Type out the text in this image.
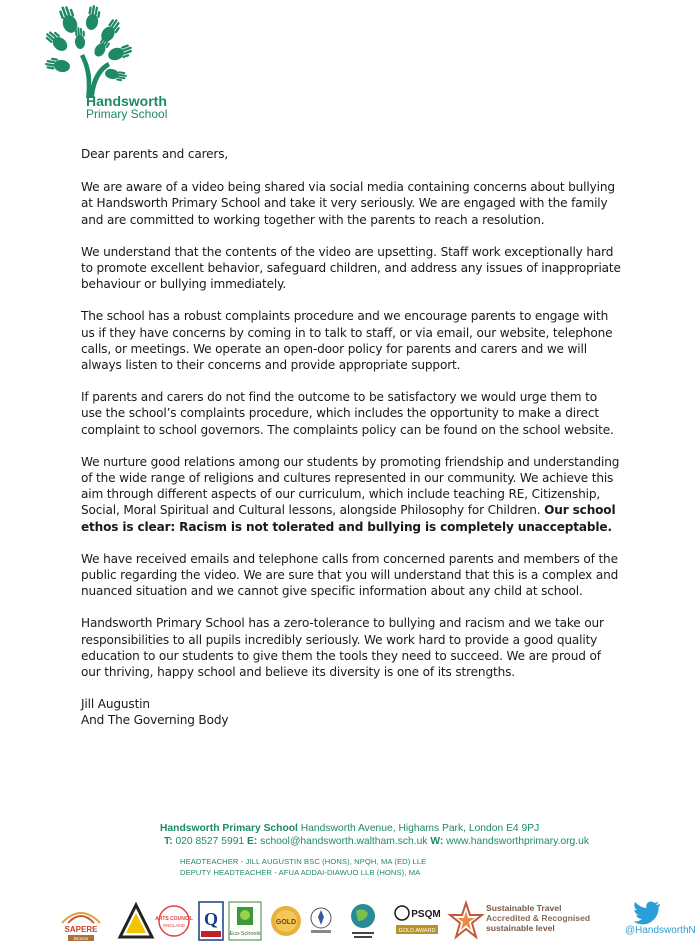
Handsworth
Primary School

Dear parents and carers,

We are aware of a video being shared via social media containing concerns about bullying at Handsworth Primary School and take it very seriously. We are engaged with the family and are committed to working together with the parents to reach a resolution.

We understand that the contents of the video are upsetting. Staff work exceptionally hard to promote excellent behavior, safeguard children, and address any issues of inappropriate behaviour or bullying immediately.

The school has a robust complaints procedure and we encourage parents to engage with us if they have concerns by coming in to talk to staff, or via email, our website, telephone calls, or meetings. We operate an open-door policy for parents and carers and we will always listen to their concerns and provide appropriate support.

If parents and carers do not find the outcome to be satisfactory we would urge them to use the school’s complaints procedure, which includes the opportunity to make a direct complaint to school governors. The complaints policy can be found on the school website.

We nurture good relations among our students by promoting friendship and understanding of the wide range of religions and cultures represented in our community. We achieve this aim through different aspects of our curriculum, which include teaching RE, Citizenship, Social, Moral Spiritual and Cultural lessons, alongside Philosophy for Children. Our school ethos is clear: Racism is not tolerated and bullying is completely unacceptable.

We have received emails and telephone calls from concerned parents and members of the public regarding the video. We are sure that you will understand that this is a complex and nuanced situation and we cannot give specific information about any child at school.

Handsworth Primary School has a zero-tolerance to bullying and racism and we take our responsibilities to all pupils incredibly seriously. We work hard to provide a good quality education to our students to give them the tools they need to succeed. We are proud of our thriving, happy school and believe its diversity is one of its strengths.

Jill Augustin
And The Governing Body
Handsworth Primary School Handsworth Avenue, Highams Park, London E4 9PJ
T: 020 8527 5991 E: school@handsworth.waltham.sch.uk W: www.handsworthprimary.org.uk
HEADTEACHER - JILL AUGUSTIN BSC (HONS), NPQH, MA (ED) LLE
DEPUTY HEADTEACHER - AFUA ADDAI-DIAWUO LLB (HONS), MA
SAPERE
Bronze
ARTS COUNCIL
ENGLAND Q
Eco-Schools
GOLD
PSQM
GOLD AWARD
Sustainable Travel
Accredited & Recognised
sustainable level	@HandsworthN
